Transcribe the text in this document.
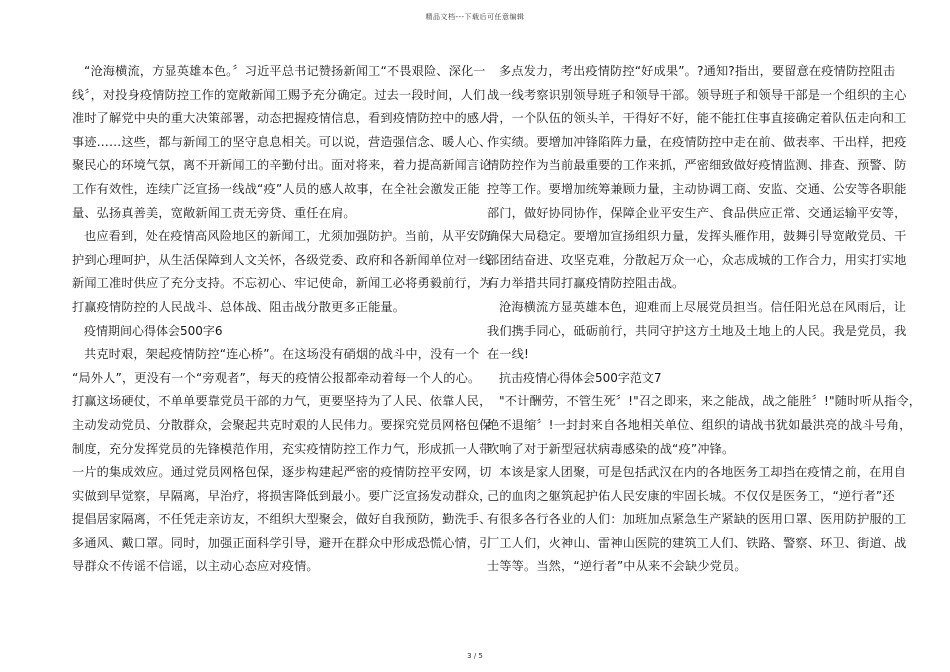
精品文档---下载后可任意编辑
“沧海横流，方显英雄本色。〞习近平总书记赞扬新闻工“不畏艰险、深化一
线〞，对投身疫情防控工作的宽敞新闻工赐予充分确定。过去一段时间，人们
准时了解党中央的重大决策部署，动态把握疫情信息，看到疫情防控中的感人
事迹……这些，都与新闻工的坚守息息相关。可以说，营造强信念、暖人心、
聚民心的环境气氛，离不开新闻工的辛勤付出。面对将来，着力提高新闻言论
工作有效性，连续广泛宣扬一线战“疫”人员的感人故事，在全社会激发正能
量、弘扬真善美，宽敞新闻工责无旁贷、重任在肩。
也应看到，处在疫情高风险地区的新闻工，尤须加强防护。当前，从平安防
护到心理呵护，从生活保障到人文关怀，各级党委、政府和各新闻单位对一线
新闻工准时供应了充分支持。不忘初心、牢记使命，新闻工必将勇毅前行，为
打赢疫情防控的人民战斗、总体战、阻击战分散更多正能量。
疫情期间心得体会500字6
共克时艰，架起疫情防控“连心桥”。在这场没有硝烟的战斗中，没有一个
“局外人”，更没有一个“旁观者”，每天的疫情公报都牵动着每一个人的心。
打赢这场硬仗，不单单要靠党员干部的力气，更要坚持为了人民、依靠人民，
主动发动党员、分散群众，会聚起共克时艰的人民伟力。要探究党员网格包保
制度，充分发挥党员的先锋模范作用，充实疫情防控工作力气，形成抓一人带
一片的集成效应。通过党员网格包保，逐步构建起严密的疫情防控平安网，切
实做到早觉察，早隔离，早治疗，将损害降低到最小。要广泛宣扬发动群众，
提倡居家隔离，不任凭走亲访友，不组织大型聚会，做好自我预防，勤洗手、
多通风、戴口罩。同时，加强正面科学引导，避开在群众中形成恐慌心情，引
导群众不传谣不信谣，以主动心态应对疫情。
多点发力，考出疫情防控“好成果”。?通知?指出，要留意在疫情防控阻击
战一线考察识别领导班子和领导干部。领导班子和领导干部是一个组织的主心
骨，一个队伍的领头羊，干得好不好，能不能扛住事直接确定着队伍走向和工
作实绩。要增加冲锋陷阵力量，在疫情防控中走在前、做表率、干出样，把疫
情防控作为当前最重要的工作来抓，严密细致做好疫情监测、排查、预警、防
控等工作。要增加统筹兼顾力量，主动协调工商、安监、交通、公安等各职能
部门，做好协同协作，保障企业平安生产、食品供应正常、交通运输平安等，
确保大局稳定。要增加宣扬组织力量，发挥头雁作用，鼓舞引导宽敞党员、干
部团结奋进、攻坚克难，分散起万众一心，众志成城的工作合力，用实打实地
有力举措共同打赢疫情防控阻击战。
沧海横流方显英雄本色，迎难而上尽展党员担当。信任阳光总在风雨后，让
我们携手同心，砥砺前行，共同守护这方土地及土地上的人民。我是党员，我
在一线!
抗击疫情心得体会500字范文7
"不计酬劳，不管生死〞!"召之即来，来之能战，战之能胜〞!"随时听从指令，
绝不退缩〞!一封封来自各地相关单位、组织的请战书犹如最洪亮的战斗号角，
吹响了对于新型冠状病毒感染的战“疫”冲锋。
本该是家人团聚，可是包括武汉在内的各地医务工却挡在疫情之前，在用自
己的血肉之躯筑起护佑人民安康的牢固长城。不仅仅是医务工，“逆行者”还
有很多各行各业的人们：加班加点紧急生产紧缺的医用口罩、医用防护服的工
厂工人们，火神山、雷神山医院的建筑工人们、铁路、警察、环卫、街道、战
士等等。当然，“逆行者”中从来不会缺少党员。
3 / 5
